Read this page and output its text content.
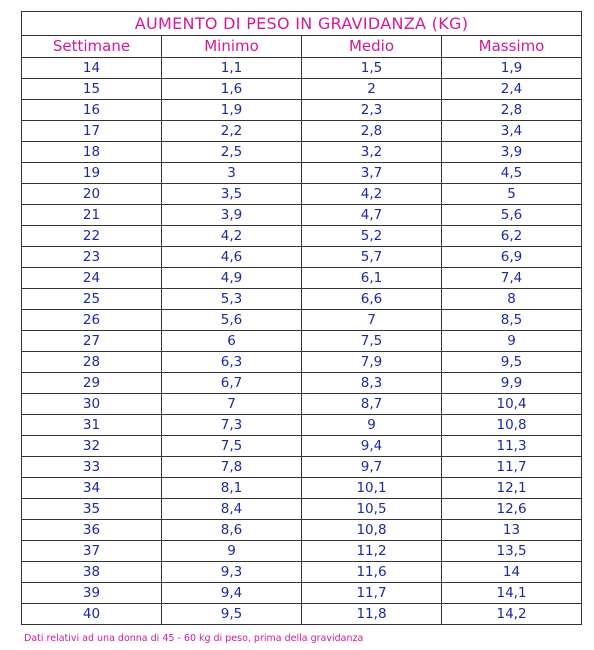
AUMENTO DI PESO IN GRAVIDANZA (KG)			
Settimane	Minimo	Medio	Massimo
14	1,1	1,5	1,9
15	1,6	2	2,4
16	1,9	2,3	2,8
17	2,2	2,8	3,4
18	2,5	3,2	3,9
19	3	3,7	4,5
20	3,5	4,2	5
21	3,9	4,7	5,6
22	4,2	5,2	6,2
23	4,6	5,7	6,9
24	4,9	6,1	7,4
25	5,3	6,6	8
26	5,6	7	8,5
27	6	7,5	9
28	6,3	7,9	9,5
29	6,7	8,3	9,9
30	7	8,7	10,4
31	7,3	9	10,8
32	7,5	9,4	11,3
33	7,8	9,7	11,7
34	8,1	10,1	12,1
35	8,4	10,5	12,6
36	8,6	10,8	13
37	9	11,2	13,5
38	9,3	11,6	14
39	9,4	11,7	14,1
40	9,5	11,8	14,2
Dati relativi ad una donna di 45 - 60 kg di peso, prima della gravidanza
